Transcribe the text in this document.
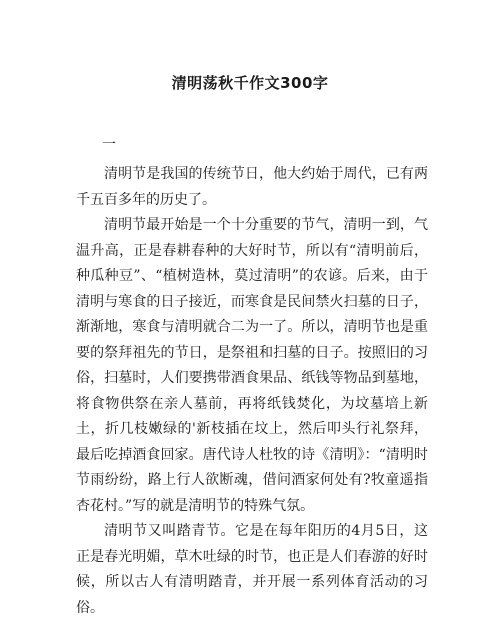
清明荡秋千作文300字
一

清明节是我国的传统节日，他大约始于周代，已有两千五百多年的历史了。

清明节最开始是一个十分重要的节气，清明一到，气温升高，正是春耕春种的大好时节，所以有“清明前后，种瓜种豆”、“植树造林，莫过清明”的农谚。后来，由于清明与寒食的日子接近，而寒食是民间禁火扫墓的日子，渐渐地，寒食与清明就合二为一了。所以，清明节也是重要的祭拜祖先的节日，是祭祖和扫墓的日子。按照旧的习俗，扫墓时，人们要携带酒食果品、纸钱等物品到墓地，将食物供祭在亲人墓前，再将纸钱焚化，为坟墓培上新土，折几枝嫩绿的'新枝插在坟上，然后叩头行礼祭拜，最后吃掉酒食回家。唐代诗人杜牧的诗《清明》：“清明时节雨纷纷，路上行人欲断魂，借问酒家何处有?牧童遥指杏花村。”写的就是清明节的特殊气氛。

清明节又叫踏青节。它是在每年阳历的4月5日，这正是春光明媚，草木吐绿的时节，也正是人们春游的好时候，所以古人有清明踏青，并开展一系列体育活动的习俗。
